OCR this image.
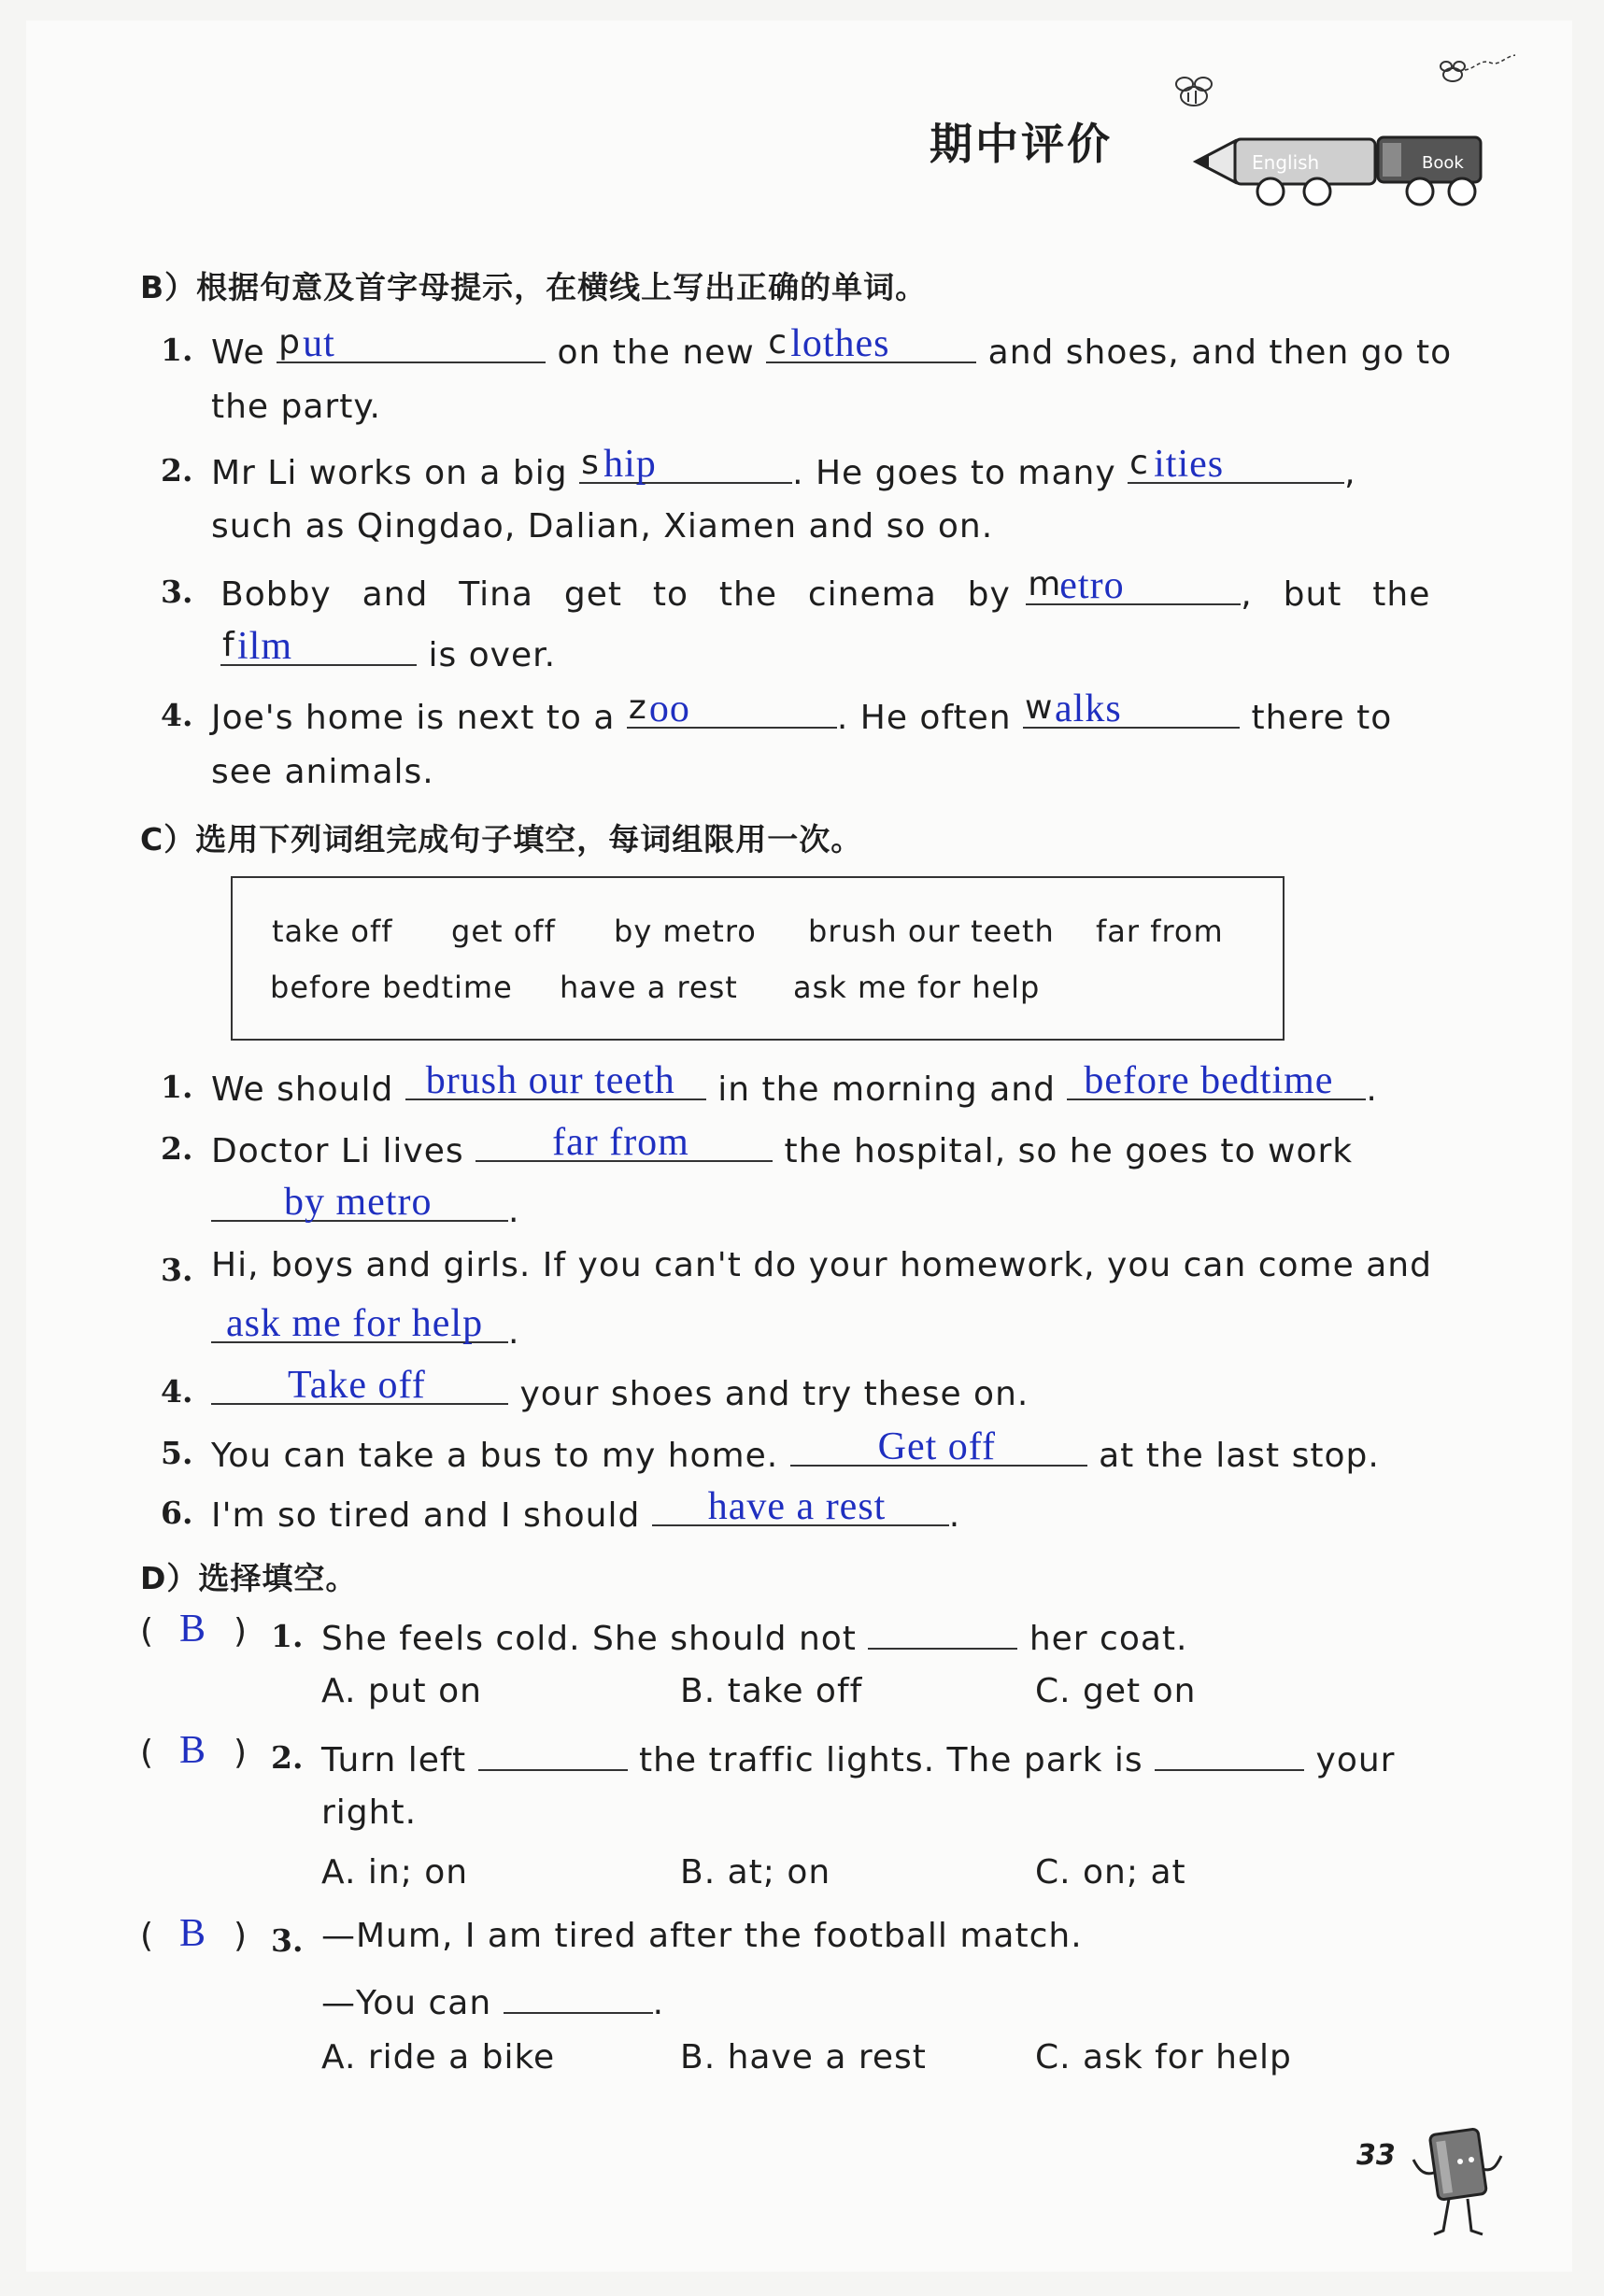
期中评价	English	Book
B）根据句意及首字母提示，在横线上写出正确的单词。
1. We p ut	on the new c lothes	and shoes, and then go to
the party.
2. Mr Li works on a big s hip	. He goes to many c ities	,
such as Qingdao, Dalian, Xiamen and so on.
3. Bobby  and  Tina  get  to  the  cinema  by m
etro	,  but  the
f ilm	is over.
4. Joe's home is next to a z oo	. He often w alks	there to
see animals.
C）选用下列词组完成句子填空，每词组限用一次。
take off get off by metro brush our teeth far from
before bedtime have a rest ask me for help
1. We should brush our teeth in the morning and before bedtime .
2. Doctor Li lives far from the hospital, so he goes to work
by metro .
3. Hi, boys and girls. If you can't do your homework, you can come and
ask me for help .
4. Take off your shoes and try these on.
5. You can take a bus to my home. Get off	at the last stop.
6. I'm so tired and I should have a rest .
D）选择填空。
( B ) 1. She feels cold. She should not	her coat.
A. put on	B. take off	C. get on
( B ) 2. Turn left	the traffic lights. The park is	your
right.
A. in; on	B. at; on	C. on; at
( B ) 3. —Mum, I am tired after the football match.
—You can	.
A. ride a bike	B. have a rest	C. ask for help
33
